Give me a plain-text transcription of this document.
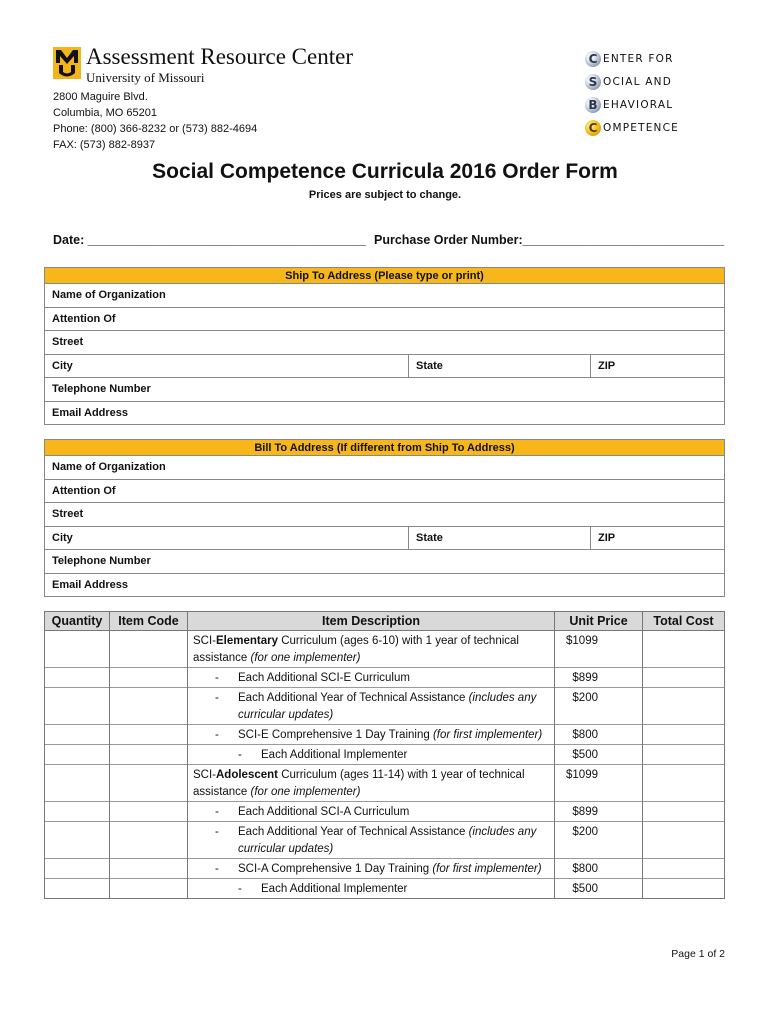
Assessment Resource Center
University of Missouri
2800 Maguire Blvd.
Columbia, MO 65201
Phone: (800) 366-8232 or (573) 882-4694
FAX: (573) 882-8937
C ENTER FOR
S OCIAL AND
B EHAVIORAL
C OMPETENCE
Social Competence Curricula 2016 Order Form
Prices are subject to change.
Date: ________________________________________ Purchase Order Number:_____________________________
Ship To Address (Please type or print)
Name of Organization
Attention Of
Street
City	State	ZIP
Telephone Number
Email Address
Bill To Address (If different from Ship To Address)
Name of Organization
Attention Of
Street
City	State	ZIP
Telephone Number
Email Address
Quantity	Item Code	Item Description	Unit Price	Total Cost

		SCI-Elementary Curriculum (ages 6-10) with 1 year of technical assistance (for one implementer)	$1099	

		- Each Additional SCI-E Curriculum	$899	

		- Each Additional Year of Technical Assistance (includes any curricular updates)	$200	

		- SCI-E Comprehensive 1 Day Training (for first implementer)	$800	

		- Each Additional Implementer	$500	

		SCI-Adolescent Curriculum (ages 11-14) with 1 year of technical assistance (for one implementer)	$1099	

		- Each Additional SCI-A Curriculum	$899	

		- Each Additional Year of Technical Assistance (includes any curricular updates)	$200	

		- SCI-A Comprehensive 1 Day Training (for first implementer)	$800	

		- Each Additional Implementer	$500	

Page 1 of 2
